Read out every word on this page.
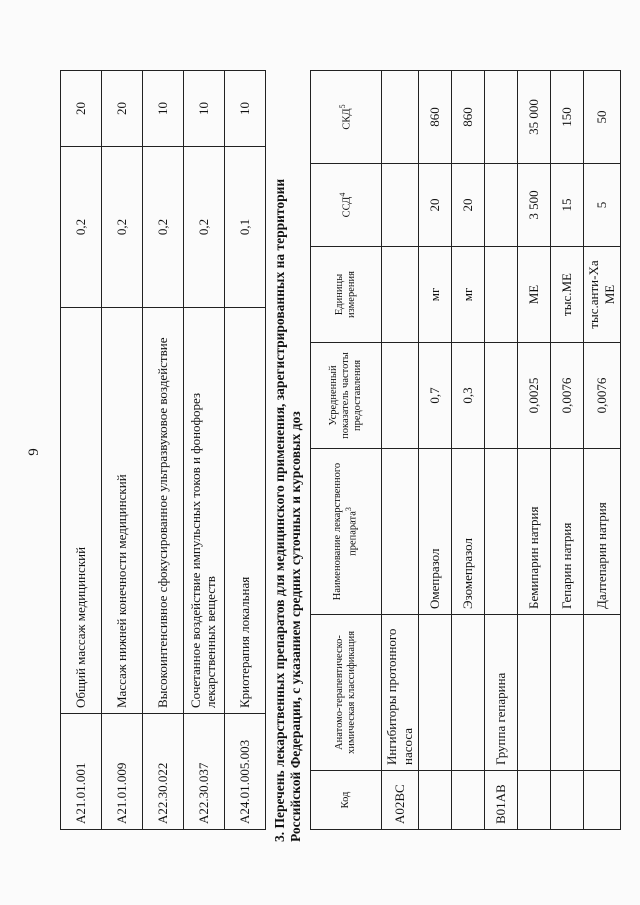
9
A21.01.001	Общий массаж медицинский	0,2	20
A21.01.009	Массаж нижней конечности медицинский	0,2	20
A22.30.022	Высокоинтенсивное сфокусированное ультразвуковое воздействие	0,2	10
A22.30.037	Сочетанное воздействие импульсных токов и фонофорез лекарственных веществ	0,2	10
A24.01.005.003	Криотерапия локальная	0,1	10
3. Перечень лекарственных препаратов для медицинского применения, зарегистрированных на территории Российской Федерации, с указанием средних суточных и курсовых доз	Код	Анатомо-терапевтическо-химическая классификация	Наименование лекарственного препарата$^3$	Усредненный показатель частоты предоставления	Единицы измерения	ССД$^4$	СКД$^5$
A02BC	Ингибиторы протонного насоса					
		Омепразол	0,7	мг	20	860
		Эзомепразол	0,3	мг	20	860
B01AB	Группа гепарина					
		Бемипарин натрия	0,0025	МЕ	3 500	35 000
		Гепарин натрия	0,0076	тыс.МЕ	15	150
		Далтепарин натрия	0,0076	тыс.анти-Ха МЕ	5	50
